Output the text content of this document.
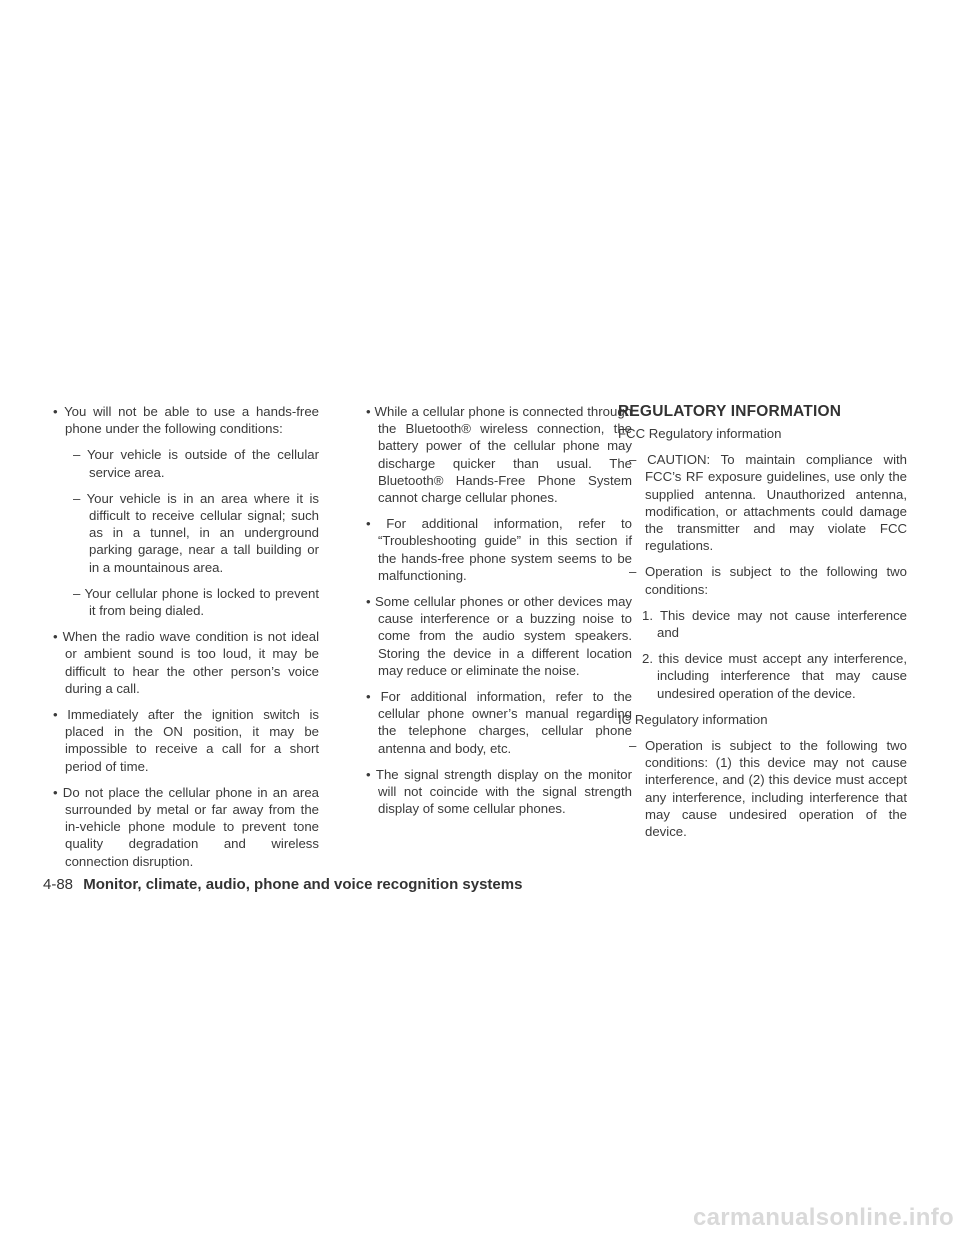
• You will not be able to use a hands-free phone under the following conditions:

– Your vehicle is outside of the cellular service area.

– Your vehicle is in an area where it is difficult to receive cellular signal; such as in a tunnel, in an underground parking garage, near a tall building or in a mountainous area.

– Your cellular phone is locked to prevent it from being dialed.

• When the radio wave condition is not ideal or ambient sound is too loud, it may be difficult to hear the other person’s voice during a call.

• Immediately after the ignition switch is placed in the ON position, it may be impossible to receive a call for a short period of time.

• Do not place the cellular phone in an area surrounded by metal or far away from the in-vehicle phone module to prevent tone quality degradation and wireless connection disruption.

• While a cellular phone is connected through the Bluetooth® wireless connection, the battery power of the cellular phone may discharge quicker than usual. The Bluetooth® Hands-Free Phone System cannot charge cellular phones.

• For additional information, refer to “Troubleshooting guide” in this section if the hands-free phone system seems to be malfunctioning.

• Some cellular phones or other devices may cause interference or a buzzing noise to come from the audio system speakers. Storing the device in a different location may reduce or eliminate the noise.

• For additional information, refer to the cellular phone owner’s manual regarding the telephone charges, cellular phone antenna and body, etc.

• The signal strength display on the monitor will not coincide with the signal strength display of some cellular phones.

REGULATORY INFORMATION

FCC Regulatory information

– CAUTION: To maintain compliance with FCC’s RF exposure guidelines, use only the supplied antenna. Unauthorized antenna, modification, or attachments could damage the transmitter and may violate FCC regulations.

– Operation is subject to the following two conditions:

1. This device may not cause interference and

2. this device must accept any interference, including interference that may cause undesired operation of the device.

IC Regulatory information

– Operation is subject to the following two conditions: (1) this device may not cause interference, and (2) this device must accept any interference, including interference that may cause undesired operation of the device.

4-88 Monitor, climate, audio, phone and voice recognition systems
carmanualsonline.info
